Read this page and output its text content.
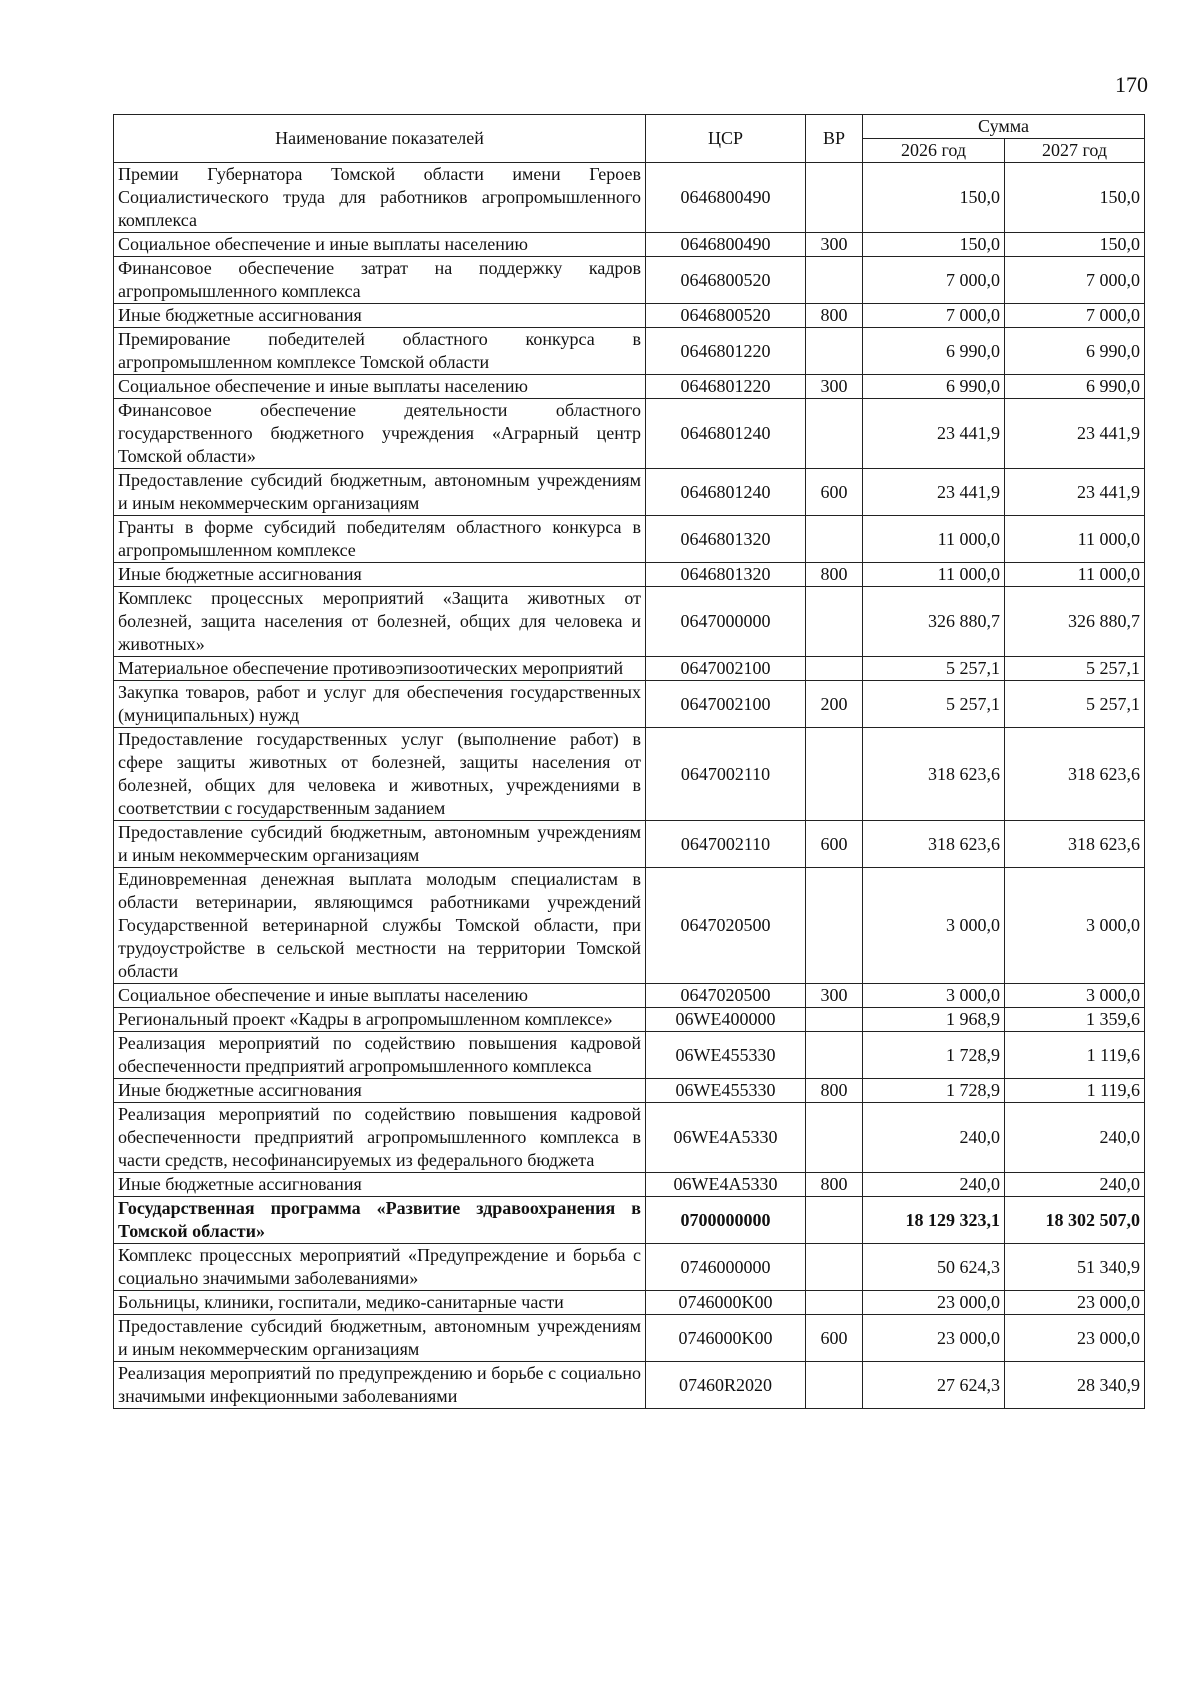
170
Наименование показателей	ЦСР	ВР	Сумма	
			2026 год	2027 год
Премии Губернатора Томской области имени Героев Социалистического труда для работников агропромышленного комплекса	0646800490		150,0	150,0
Социальное обеспечение и иные выплаты населению	0646800490	300	150,0	150,0
Финансовое обеспечение затрат на поддержку кадров агропромышленного комплекса	0646800520		7 000,0	7 000,0
Иные бюджетные ассигнования	0646800520	800	7 000,0	7 000,0
Премирование победителей областного конкурса в агропромышленном комплексе Томской области	0646801220		6 990,0	6 990,0
Социальное обеспечение и иные выплаты населению	0646801220	300	6 990,0	6 990,0
Финансовое обеспечение деятельности областного государственного бюджетного учреждения «Аграрный центр Томской области»	0646801240		23 441,9	23 441,9
Предоставление субсидий бюджетным, автономным учреждениям и иным некоммерческим организациям	0646801240	600	23 441,9	23 441,9
Гранты в форме субсидий победителям областного конкурса в агропромышленном комплексе	0646801320		11 000,0	11 000,0
Иные бюджетные ассигнования	0646801320	800	11 000,0	11 000,0
Комплекс процессных мероприятий «Защита животных от болезней, защита населения от болезней, общих для человека и животных»	0647000000		326 880,7	326 880,7
Материальное обеспечение противоэпизоотических мероприятий	0647002100		5 257,1	5 257,1
Закупка товаров, работ и услуг для обеспечения государственных (муниципальных) нужд	0647002100	200	5 257,1	5 257,1
Предоставление государственных услуг (выполнение работ) в сфере защиты животных от болезней, защиты населения от болезней, общих для человека и животных, учреждениями в соответствии с государственным заданием	0647002110		318 623,6	318 623,6
Предоставление субсидий бюджетным, автономным учреждениям и иным некоммерческим организациям	0647002110	600	318 623,6	318 623,6
Единовременная денежная выплата молодым специалистам в области ветеринарии, являющимся работниками учреждений Государственной ветеринарной службы Томской области, при трудоустройстве в сельской местности на территории Томской области	0647020500		3 000,0	3 000,0
Социальное обеспечение и иные выплаты населению	0647020500	300	3 000,0	3 000,0
Региональный проект «Кадры в агропромышленном комплексе»	06WE400000		1 968,9	1 359,6
Реализация мероприятий по содействию повышения кадровой обеспеченности предприятий агропромышленного комплекса	06WE455330		1 728,9	1 119,6
Иные бюджетные ассигнования	06WE455330	800	1 728,9	1 119,6
Реализация мероприятий по содействию повышения кадровой обеспеченности предприятий агропромышленного комплекса в части средств, несофинансируемых из федерального бюджета	06WE4A5330		240,0	240,0
Иные бюджетные ассигнования	06WE4A5330	800	240,0	240,0
Государственная программа «Развитие здравоохранения в Томской области»	0700000000		18 129 323,1	18 302 507,0
Комплекс процессных мероприятий «Предупреждение и борьба с социально значимыми заболеваниями»	0746000000		50 624,3	51 340,9
Больницы, клиники, госпитали, медико-санитарные части	0746000K00		23 000,0	23 000,0
Предоставление субсидий бюджетным, автономным учреждениям и иным некоммерческим организациям	0746000K00	600	23 000,0	23 000,0
Реализация мероприятий по предупреждению и борьбе с социально значимыми инфекционными заболеваниями	07460R2020		27 624,3	28 340,9
